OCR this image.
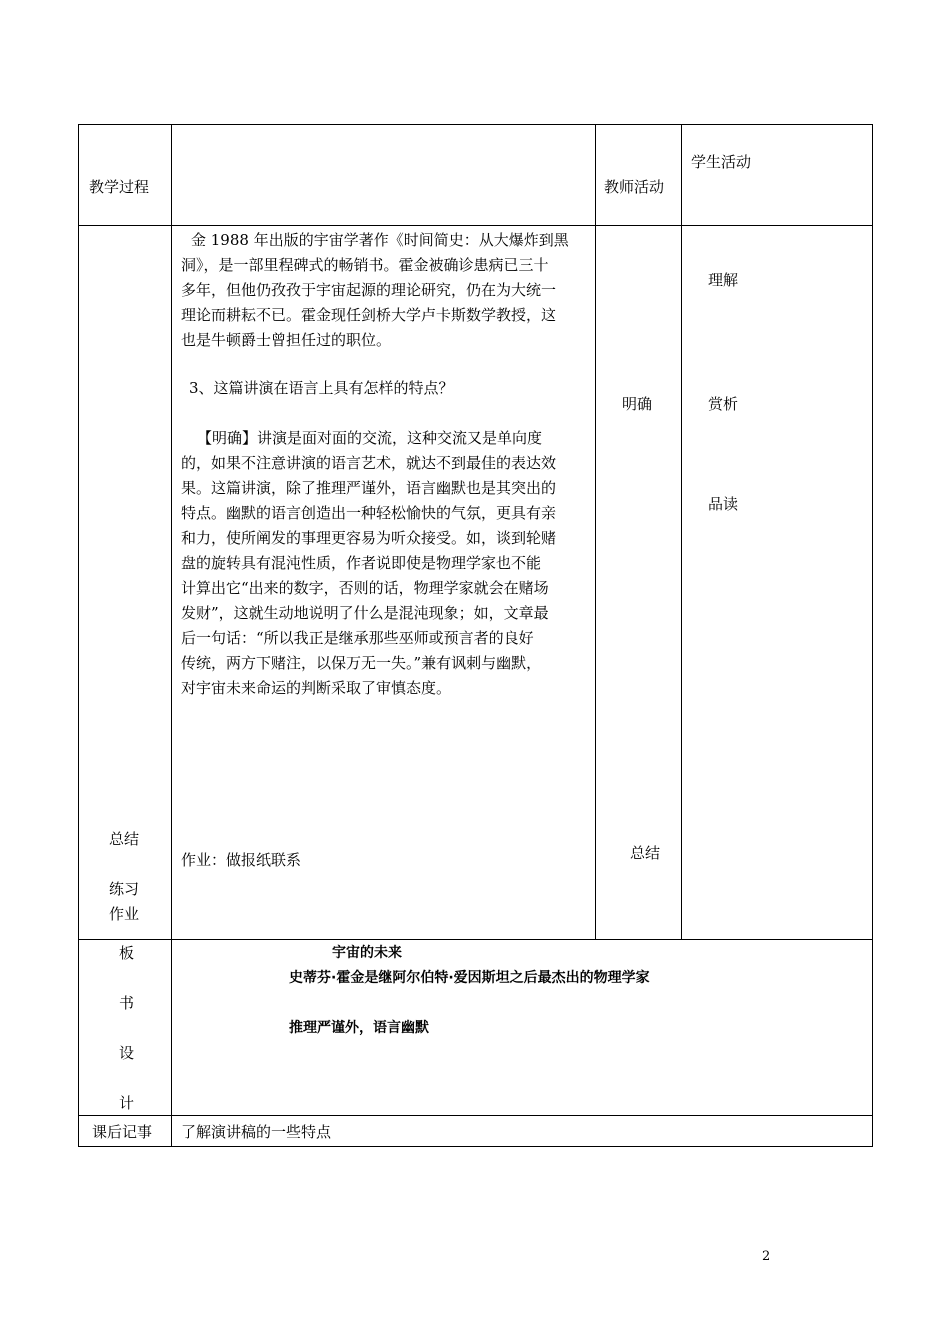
教学过程	教师活动
学生活动
金 1988 年出版的宇宙学著作《时间简史：从大爆炸到黑
洞》，是一部里程碑式的畅销书。霍金被确诊患病已三十
多年，但他仍孜孜于宇宙起源的理论研究，仍在为大统一
理论而耕耘不已。霍金现任剑桥大学卢卡斯数学教授，这
也是牛顿爵士曾担任过的职位。
3、这篇讲演在语言上具有怎样的特点？
【明确】讲演是面对面的交流，这种交流又是单向度
的，如果不注意讲演的语言艺术，就达不到最佳的表达效
果。这篇讲演，除了推理严谨外，语言幽默也是其突出的
特点。幽默的语言创造出一种轻松愉快的气氛，更具有亲
和力，使所阐发的事理更容易为听众接受。如，谈到轮赌
盘的旋转具有混沌性质，作者说即使是物理学家也不能
计算出它“出来的数字，否则的话，物理学家就会在赌场
发财”，这就生动地说明了什么是混沌现象；如，文章最
后一句话：“所以我正是继承那些巫师或预言者的良好
传统，两方下赌注，以保万无一失。”兼有讽刺与幽默，
对宇宙未来命运的判断采取了审慎态度。
作业：做报纸联系
总结
练习
作业
明确
总结
理解
赏析
品读
板
书
设
计
宇宙的未来
史蒂芬·霍金是继阿尔伯特·爱因斯坦之后最杰出的物理学家
推理严谨外，语言幽默
课后记事 了解演讲稿的一些特点
2
